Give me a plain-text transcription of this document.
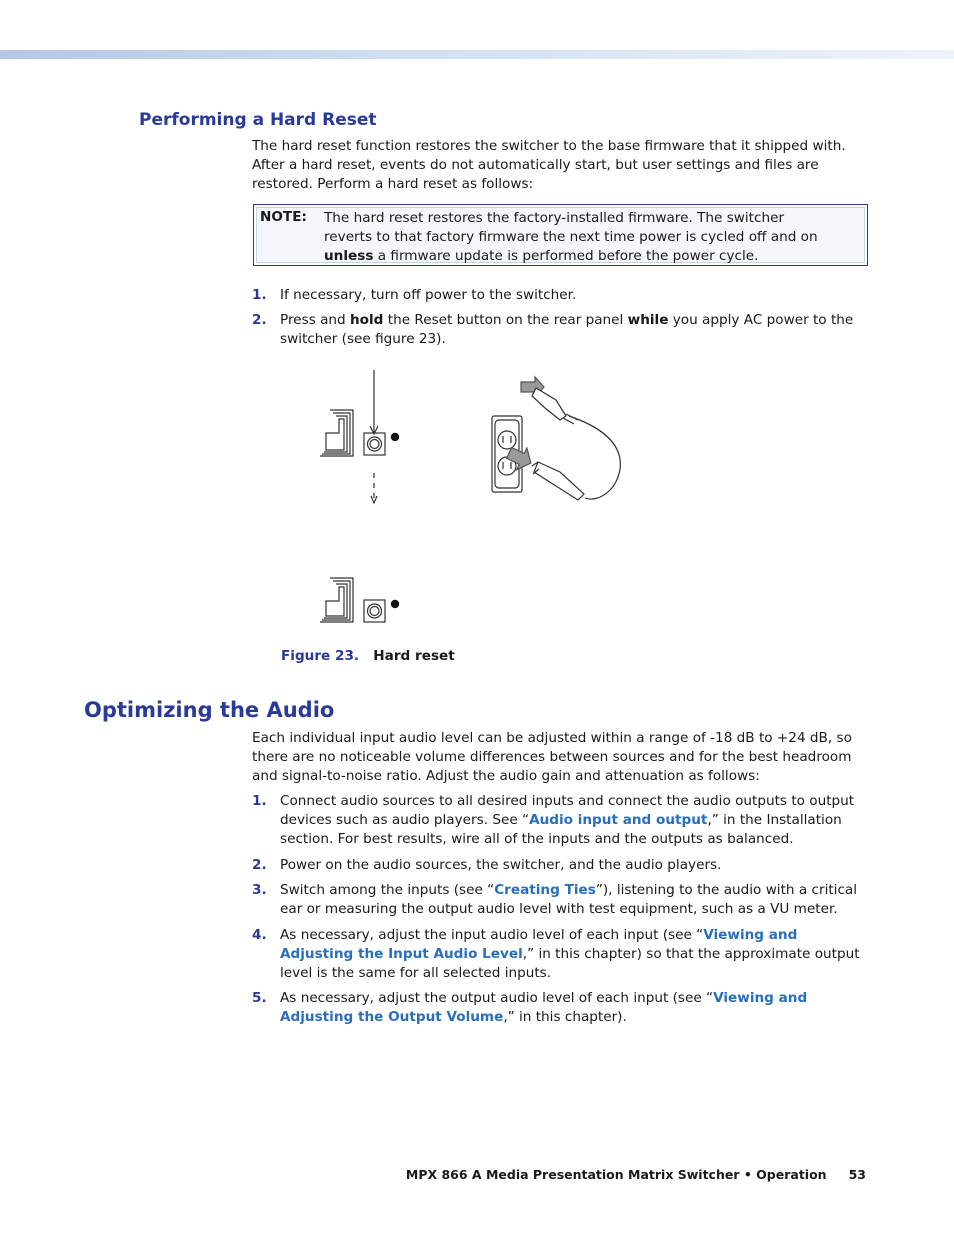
Performing a Hard Reset

The hard reset function restores the switcher to the base firmware that it shipped with. After a hard reset, events do not automatically start, but user settings and files are restored. Perform a hard reset as follows:

NOTE: The hard reset restores the factory-installed firmware. The switcher reverts to that factory firmware the next time power is cycled off and on unless a firmware update is performed before the power cycle.
1. If necessary, turn off power to the switcher.
2. Press and hold the Reset button on the rear panel while you apply AC power to the switcher (see figure 23).
Figure 23. Hard reset
Optimizing the Audio

Each individual input audio level can be adjusted within a range of -18 dB to +24 dB, so there are no noticeable volume differences between sources and for the best headroom and signal-to-noise ratio. Adjust the audio gain and attenuation as follows:

1. Connect audio sources to all desired inputs and connect the audio outputs to output devices such as audio players. See “Audio input and output,” in the Installation section. For best results, wire all of the inputs and the outputs as balanced.
2. Power on the audio sources, the switcher, and the audio players.
3. Switch among the inputs (see “Creating Ties”), listening to the audio with a critical ear or measuring the output audio level with test equipment, such as a VU meter.
4. As necessary, adjust the input audio level of each input (see “Viewing and Adjusting the Input Audio Level,” in this chapter) so that the approximate output level is the same for all selected inputs.
5. As necessary, adjust the output audio level of each input (see “Viewing and Adjusting the Output Volume,” in this chapter).
MPX 866 A Media Presentation Matrix Switcher • Operation 53
